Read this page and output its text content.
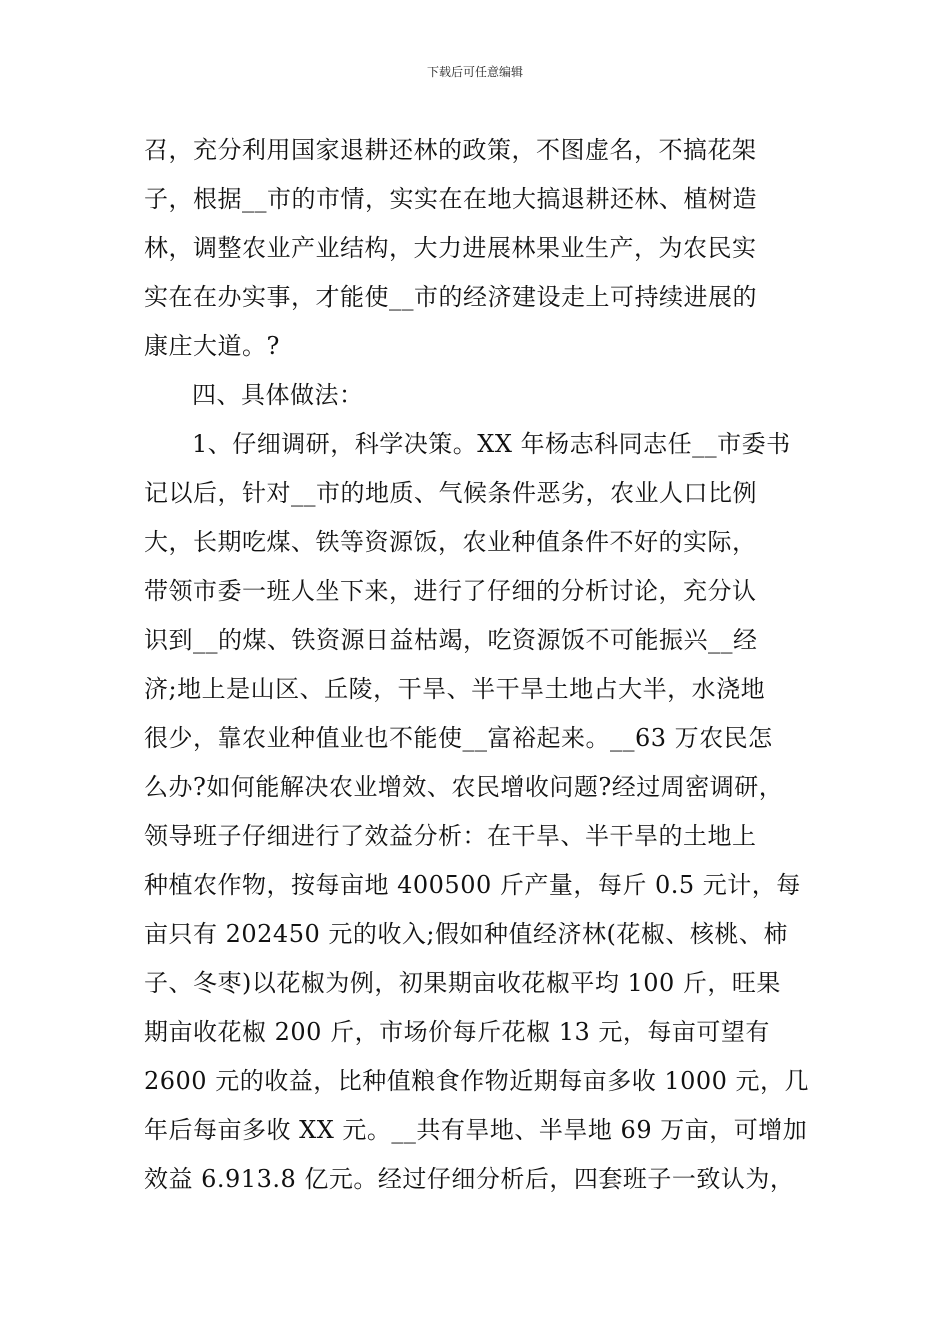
下载后可任意编辑

召，充分利用国家退耕还林的政策，不图虚名，不搞花架

子，根据__市的市情，实实在在地大搞退耕还林、植树造

林，调整农业产业结构，大力进展林果业生产，为农民实

实在在办实事，才能使__市的经济建设走上可持续进展的

康庄大道。?

四、具体做法：

1、仔细调研，科学决策。XX 年杨志科同志任__市委书

记以后，针对__市的地质、气候条件恶劣，农业人口比例

大，长期吃煤、铁等资源饭，农业种值条件不好的实际，

带领市委一班人坐下来，进行了仔细的分析讨论，充分认

识到__的煤、铁资源日益枯竭，吃资源饭不可能振兴__经

济;地上是山区、丘陵，干旱、半干旱土地占大半，水浇地

很少，靠农业种值业也不能使__富裕起来。__63 万农民怎

么办?如何能解决农业增效、农民增收问题?经过周密调研，

领导班子仔细进行了效益分析：在干旱、半干旱的土地上

种植农作物，按每亩地 400500 斤产量，每斤 0.5 元计，每

亩只有 202450 元的收入;假如种值经济林(花椒、核桃、柿

子、冬枣)以花椒为例，初果期亩收花椒平均 100 斤，旺果

期亩收花椒 200 斤，市场价每斤花椒 13 元，每亩可望有

2600 元的收益，比种值粮食作物近期每亩多收 1000 元，几

年后每亩多收 XX 元。__共有旱地、半旱地 69 万亩，可增加

效益 6.913.8 亿元。经过仔细分析后，四套班子一致认为，
